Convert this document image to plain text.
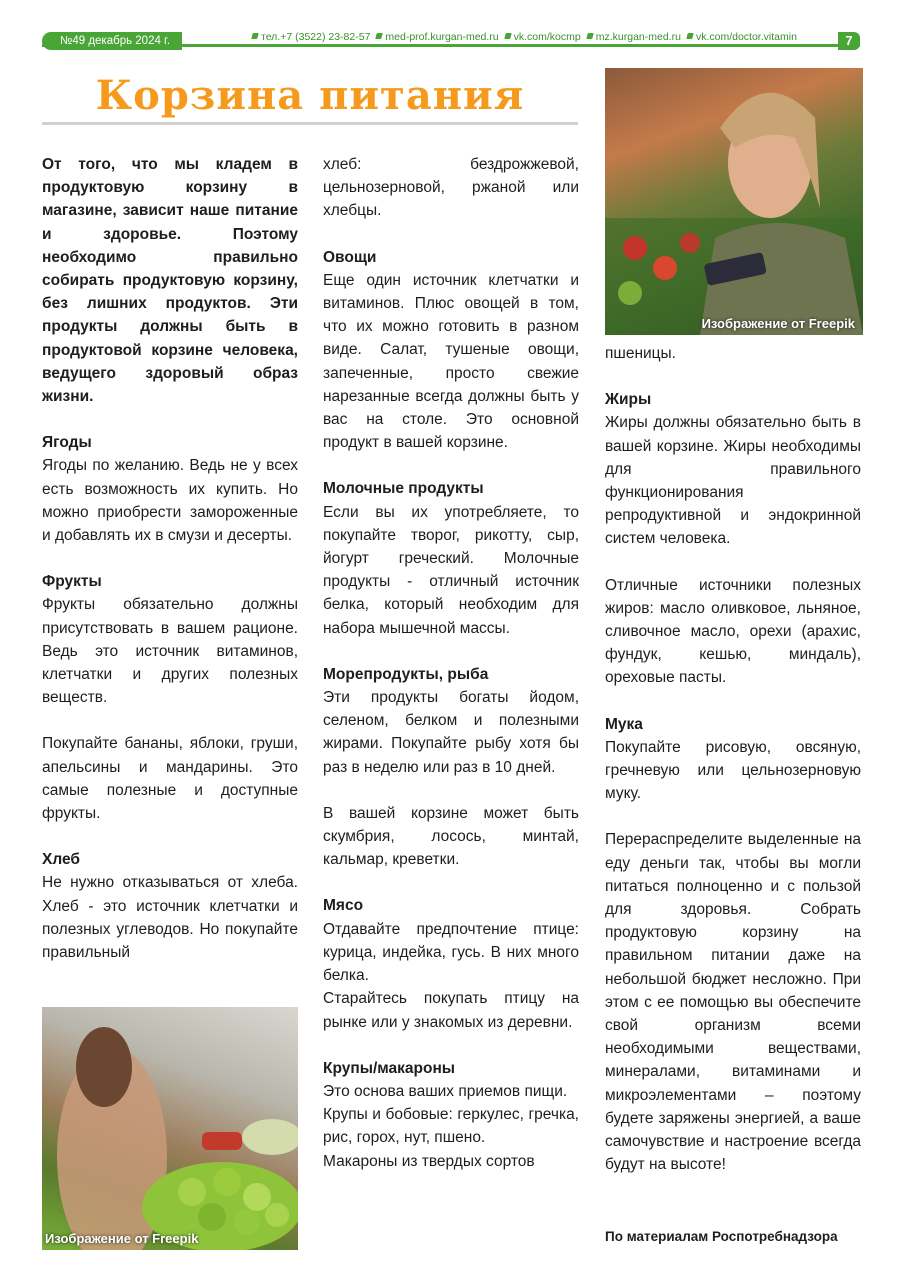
№49 декабрь 2024 г.	тел.+7 (3522) 23-82-57	med-prof.kurgan-med.ru	vk.com/kocmp	mz.kurgan-med.ru	vk.com/doctor.vitamin	7
Корзина питания

От того, что мы кладем в продуктовую корзину в магазине, зависит наше питание и здоровье. Поэтому необходимо правильно собирать продуктовую корзину, без лишних продуктов. Эти продукты должны быть в продуктовой корзине человека, ведущего здоровый образ жизни.

Ягоды

Ягоды по желанию. Ведь не у всех есть возможность их купить. Но можно приобрести замороженные и добавлять их в смузи и десерты.

Фрукты

Фрукты обязательно должны присутствовать в вашем рационе. Ведь это источник витаминов, клетчатки и других полезных веществ.

Покупайте бананы, яблоки, груши, апельсины и мандарины. Это самые полезные и доступные фрукты.

Хлеб

Не нужно отказываться от хлеба. Хлеб - это источник клетчатки и полезных углеводов. Но покупайте правильный

Изображение от Freepik

хлеб: бездрожжевой, цельнозерновой, ржаной или хлебцы.

Овощи

Еще один источник клетчатки и витаминов. Плюс овощей в том, что их можно готовить в разном виде. Салат, тушеные овощи, запеченные, просто свежие нарезанные всегда должны быть у вас на столе. Это основной продукт в вашей корзине.

Молочные продукты

Если вы их употребляете, то покупайте творог, рикотту, сыр, йогурт греческий. Молочные продукты - отличный источник белка, который необходим для набора мышечной массы.

Морепродукты, рыба

Эти продукты богаты йодом, селеном, белком и полезными жирами. Покупайте рыбу хотя бы раз в неделю или раз в 10 дней.

В вашей корзине может быть скумбрия, лосось, минтай, кальмар, креветки.

Мясо

Отдавайте предпочтение птице: курица, индейка, гусь. В них много белка.

Старайтесь покупать птицу на рынке или у знакомых из деревни.

Крупы/макароны

Это основа ваших приемов пищи.

Крупы и бобовые: геркулес, гречка, рис, горох, нут, пшено.

Макароны из твердых сортов

Изображение от Freepik

пшеницы.

Жиры

Жиры должны обязательно быть в вашей корзине. Жиры необходимы для правильного функционирования репродуктивной и эндокринной систем человека.

Отличные источники полезных жиров: масло оливковое, льняное, сливочное масло, орехи (арахис, фундук, кешью, миндаль), ореховые пасты.

Мука

Покупайте рисовую, овсяную, гречневую или цельнозерновую муку.

Перераспределите выделенные на еду деньги так, чтобы вы могли питаться полноценно и с пользой для здоровья. Собрать продуктовую корзину на правильном питании даже на небольшой бюджет несложно. При этом с ее помощью вы обеспечите свой организм всеми необходимыми веществами, минералами, витаминами и микроэлементами – поэтому будете заряжены энергией, а ваше самочувствие и настроение всегда будут на высоте!

По материалам Роспотребнадзора
